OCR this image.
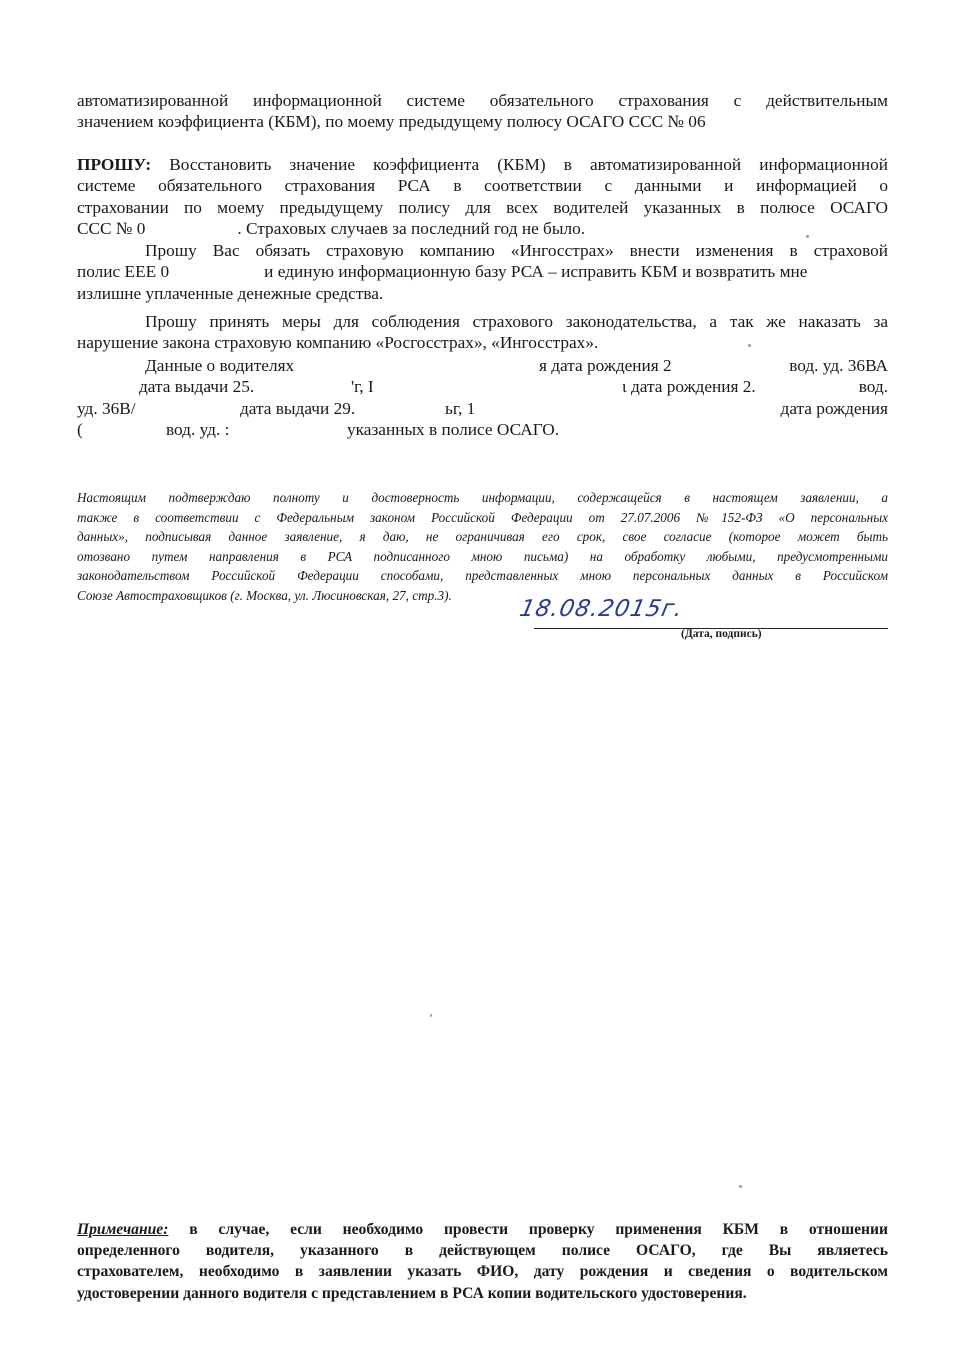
автоматизированной информационной системе обязательного страхования с действительным
значением коэффициента (КБМ), по моему предыдущему полюсу ОСАГО ССС № 06
ПРОШУ: Восстановить значение коэффициента (КБМ) в автоматизированной информационной
системе обязательного страхования РСА в соответствии с данными и информацией о
страховании по моему предыдущему полису для всех водителей указанных в полюсе ОСАГО
ССС № 0	. Страховых случаев за последний год не было.
Прошу Вас обязать страховую компанию «Ингосстрах» внести изменения в страховой
полис ЕЕЕ 0	и единую информационную базу РСА – исправить КБМ и возвратить мне
излишне уплаченные денежные средства.
Прошу принять меры для соблюдения страхового законодательства, а так же наказать за
нарушение закона страховую компанию «Росгосстрах», «Ингосстрах».
Данные о водителях	я дата рождения 2	вод. уд. 36ВА
дата выдачи 25.	'г, I	ι дата рождения 2.	вод.
уд. 36В/	дата выдачи 29.	ьг, 1	дата рождения
(	вод. уд. :	указанных в полисе ОСАГО.
Настоящим подтверждаю полноту и достоверность информации, содержащейся в настоящем заявлении, а
также в соответствии с Федеральным законом Российской Федерации от 27.07.2006 №152-ФЗ «О персональных
данных», подписывая данное заявление, я даю, не ограничивая его срок, свое согласие (которое может быть
отозвано путем направления в РСА подписанного мною письма) на обработку любыми, предусмотренными
законодательством Российской Федерации способами, представленных мною персональных данных в Российском
Союзе Автостраховщиков (г. Москва, ул. Люсиновская, 27, стр.3).
18.08.2015г.
(Дата, подпись)
Примечание: в случае, если необходимо провести проверку применения КБМ в отношении
определенного водителя, указанного в действующем полисе ОСАГО, где Вы являетесь
страхователем, необходимо в заявлении указать ФИО, дату рождения и сведения о водительском
удостоверении данного водителя с представлением в РСА копии водительского удостоверения.
